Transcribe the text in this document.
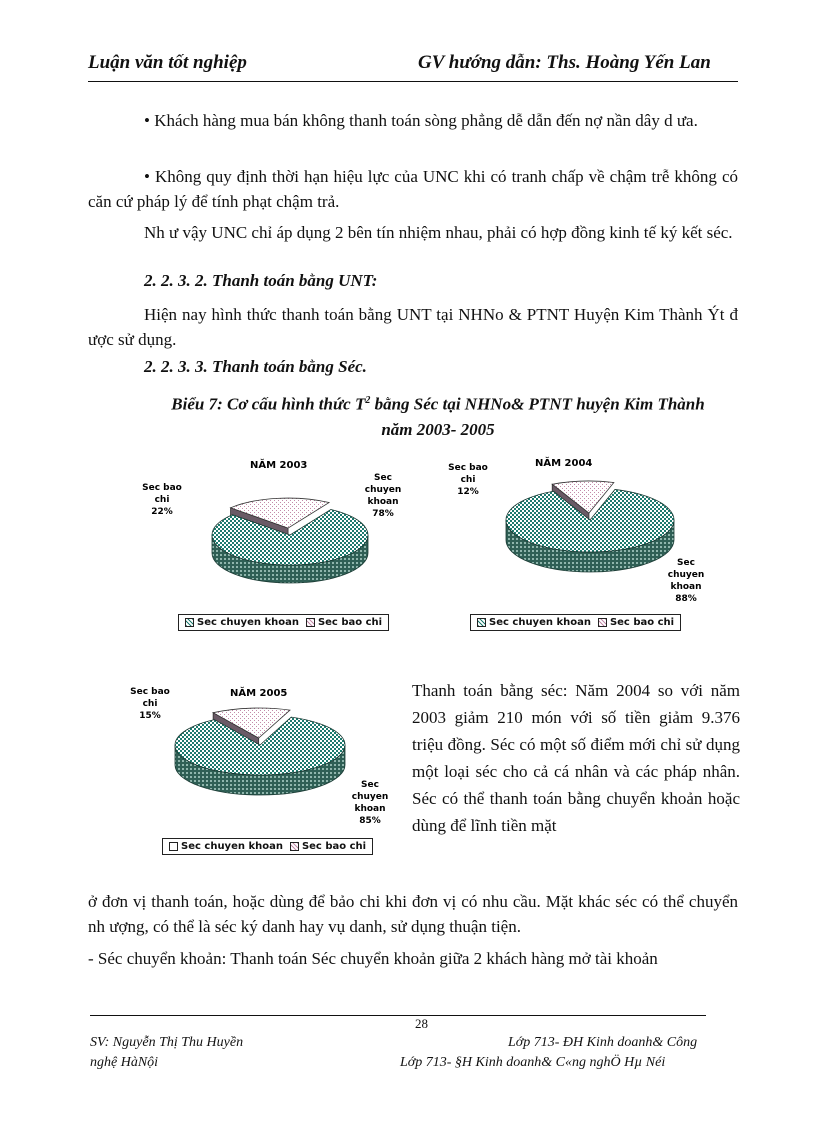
Luận văn tốt nghiệp	GV hướng dẫn: Ths. Hoàng Yến Lan

• Khách hàng mua bán không thanh toán sòng phẳng dễ dẫn đến nợ nần dây d ưa.

• Không quy định thời hạn hiệu lực của UNC khi có tranh chấp về chậm trễ không có căn cứ pháp lý để tính phạt chậm trả.

Nh ư vậy UNC chỉ áp dụng 2 bên tín nhiệm nhau, phải có hợp đồng kinh tế ký kết séc.

2. 2. 3. 2. Thanh toán bằng UNT:

Hiện nay hình thức thanh toán bằng UNT tại NHNo & PTNT Huyện Kim Thành Ýt đ ược sử dụng.

2. 2. 3. 3. Thanh toán bằng Séc.

Biểu 7: Cơ cấu hình thức $T^2$ bằng Séc tại NHNo& PTNT huyện Kim Thành
năm 2003- 2005
NĂM 2003
Sec bao chi 22%
Sec chuyen khoan 78%
Sec chuyen khoan Sec bao chi
NĂM 2004
Sec bao chi 12%
Sec chuyen khoan 88%
Sec chuyen khoan Sec bao chi
NĂM 2005
Sec bao chi 15%
Sec chuyen khoan 85%
Sec chuyen khoan Sec bao chi

Thanh toán bằng séc: Năm 2004 so với năm 2003 giảm 210 món với số tiền giảm 9.376 triệu đồng. Séc có một số điểm mới chỉ sử dụng một loại séc cho cả cá nhân và các pháp nhân. Séc có thể thanh toán bằng chuyển khoản hoặc dùng để lĩnh tiền mặt

ở đơn vị thanh toán, hoặc dùng để bảo chi khi đơn vị có nhu cầu. Mặt khác séc có thể chuyển nh ượng, có thể là séc ký danh hay vụ danh, sử dụng thuận tiện.

- Séc chuyển khoản: Thanh toán Séc chuyển khoản giữa 2 khách hàng mở tài khoản

28
SV: Nguyễn Thị Thu Huyền	Lớp 713- ĐH Kinh doanh& Công
nghệ HàNội	Lớp 713- §H Kinh doanh& C«ng nghÖ Hµ Néi
